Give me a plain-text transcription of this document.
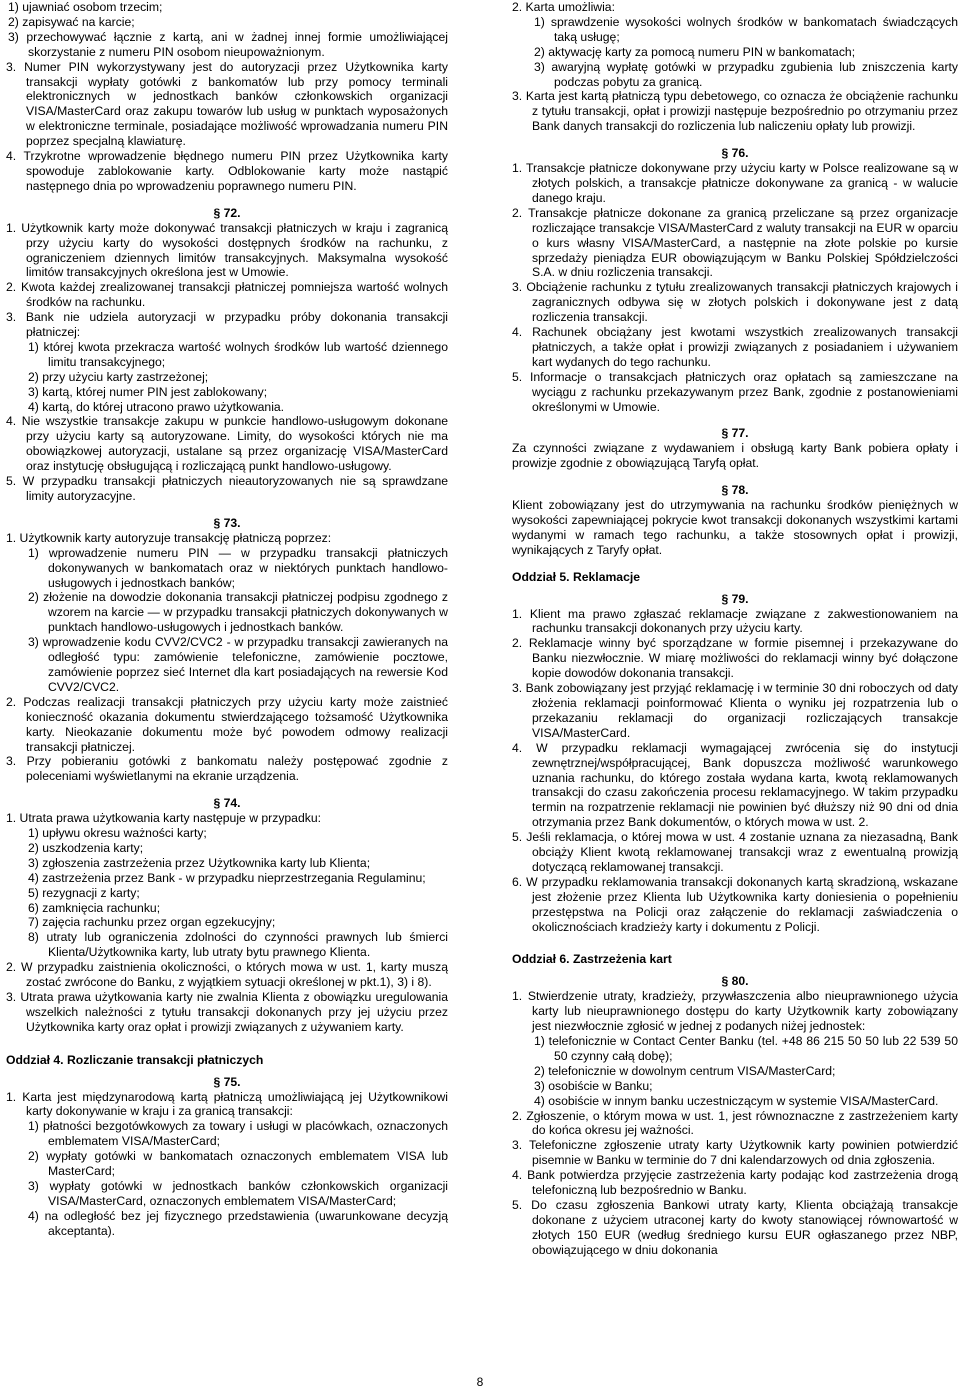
1) ujawniać osobom trzecim;

2) zapisywać na karcie;

3) przechowywać łącznie z kartą, ani w żadnej innej formie umożliwiającej skorzystanie z numeru PIN osobom nieupoważnionym.

3. Numer PIN wykorzystywany jest do autoryzacji przez Użytkownika karty transakcji wypłaty gotówki z bankomatów lub przy pomocy terminali elektronicznych w jednostkach banków członkowskich organizacji VISA/MasterCard oraz zakupu towarów lub usług w punktach wyposażonych w elektroniczne terminale, posiadające możliwość wprowadzania numeru PIN poprzez specjalną klawiaturę.

4. Trzykrotne wprowadzenie błędnego numeru PIN przez Użytkownika karty spowoduje zablokowanie karty. Odblokowanie karty może nastąpić następnego dnia po wprowadzeniu poprawnego numeru PIN.

§ 72.

1. Użytkownik karty może dokonywać transakcji płatniczych w kraju i zagranicą przy użyciu karty do wysokości dostępnych środków na rachunku, z ograniczeniem dziennych limitów transakcyjnych. Maksymalna wysokość limitów transakcyjnych określona jest w Umowie.

2. Kwota każdej zrealizowanej transakcji płatniczej pomniejsza wartość wolnych środków na rachunku.

3. Bank nie udziela autoryzacji w przypadku próby dokonania transakcji płatniczej:

1) której kwota przekracza wartość wolnych środków lub wartość dziennego limitu transakcyjnego;

2) przy użyciu karty zastrzeżonej;

3) kartą, której numer PIN jest zablokowany;

4) kartą, do której utracono prawo użytkowania.

4. Nie wszystkie transakcje zakupu w punkcie handlowo-usługowym dokonane przy użyciu karty są autoryzowane. Limity, do wysokości których nie ma obowiązkowej autoryzacji, ustalane są przez organizację VISA/MasterCard oraz instytucję obsługującą i rozliczającą punkt handlowo-usługowy.

5. W przypadku transakcji płatniczych nieautoryzowanych nie są sprawdzane limity autoryzacyjne.

§ 73.

1. Użytkownik karty autoryzuje transakcję płatniczą poprzez:

1) wprowadzenie numeru PIN — w przypadku transakcji płatniczych dokonywanych w bankomatach oraz w niektórych punktach handlowo-usługowych i jednostkach banków;

2) złożenie na dowodzie dokonania transakcji płatniczej podpisu zgodnego z wzorem na karcie — w przypadku transakcji płatniczych dokonywanych w punktach handlowo-usługowych i jednostkach banków.

3) wprowadzenie kodu CVV2/CVC2 - w przypadku transakcji zawieranych na odległość typu: zamówienie telefoniczne, zamówienie pocztowe, zamówienie poprzez sieć Internet dla kart posiadających na rewersie Kod CVV2/CVC2.

2. Podczas realizacji transakcji płatniczych przy użyciu karty może zaistnieć konieczność okazania dokumentu stwierdzającego tożsamość Użytkownika karty. Nieokazanie dokumentu może być powodem odmowy realizacji transakcji płatniczej.

3. Przy pobieraniu gotówki z bankomatu należy postępować zgodnie z poleceniami wyświetlanymi na ekranie urządzenia.

§ 74.

1. Utrata prawa użytkowania karty następuje w przypadku:

1) upływu okresu ważności karty;

2) uszkodzenia karty;

3) zgłoszenia zastrzeżenia przez Użytkownika karty lub Klienta;

4) zastrzeżenia przez Bank - w przypadku nieprzestrzegania Regulaminu;

5) rezygnacji z karty;

6) zamknięcia rachunku;

7) zajęcia rachunku przez organ egzekucyjny;

8) utraty lub ograniczenia zdolności do czynności prawnych lub śmierci Klienta/Użytkownika karty, lub utraty bytu prawnego Klienta.

2. W przypadku zaistnienia okoliczności, o których mowa w ust. 1, karty muszą zostać zwrócone do Banku, z wyjątkiem sytuacji określonej w pkt.1), 3) i 8).

3. Utrata prawa użytkowania karty nie zwalnia Klienta z obowiązku uregulowania wszelkich należności z tytułu transakcji dokonanych przy jej użyciu przez Użytkownika karty oraz opłat i prowizji związanych z używaniem karty.

Oddział 4. Rozliczanie transakcji płatniczych

§ 75.

1. Karta jest międzynarodową kartą płatniczą umożliwiającą jej Użytkownikowi karty dokonywanie w kraju i za granicą transakcji:

1) płatności bezgotówkowych za towary i usługi w placówkach, oznaczonych emblematem VISA/MasterCard;

2) wypłaty gotówki w bankomatach oznaczonych emblematem VISA lub MasterCard;

3) wypłaty gotówki w jednostkach banków członkowskich organizacji VISA/MasterCard, oznaczonych emblematem VISA/MasterCard;

4) na odległość bez jej fizycznego przedstawienia (uwarunkowane decyzją akceptanta).

2. Karta umożliwia:

1) sprawdzenie wysokości wolnych środków w bankomatach świadczących taką usługę;

2) aktywację karty za pomocą numeru PIN w bankomatach;

3) awaryjną wypłatę gotówki w przypadku zgubienia lub zniszczenia karty podczas pobytu za granicą.

3. Karta jest kartą płatniczą typu debetowego, co oznacza że obciążenie rachunku z tytułu transakcji, opłat i prowizji następuje bezpośrednio po otrzymaniu przez Bank danych transakcji do rozliczenia lub naliczeniu opłaty lub prowizji.

§ 76.

1. Transakcje płatnicze dokonywane przy użyciu karty w Polsce realizowane są w złotych polskich, a transakcje płatnicze dokonywane za granicą - w walucie danego kraju.

2. Transakcje płatnicze dokonane za granicą przeliczane są przez organizacje rozliczające transakcje VISA/MasterCard z waluty transakcji na EUR w oparciu o kurs własny VISA/MasterCard, a następnie na złote polskie po kursie sprzedaży pieniądza EUR obowiązującym w Banku Polskiej Spółdzielczości S.A. w dniu rozliczenia transakcji.

3. Obciążenie rachunku z tytułu zrealizowanych transakcji płatniczych krajowych i zagranicznych odbywa się w złotych polskich i dokonywane jest z datą rozliczenia transakcji.

4. Rachunek obciążany jest kwotami wszystkich zrealizowanych transakcji płatniczych, a także opłat i prowizji związanych z posiadaniem i używaniem kart wydanych do tego rachunku.

5. Informacje o transakcjach płatniczych oraz opłatach są zamieszczane na wyciągu z rachunku przekazywanym przez Bank, zgodnie z postanowieniami określonymi w Umowie.

§ 77.

Za czynności związane z wydawaniem i obsługą karty Bank pobiera opłaty i prowizje zgodnie z obowiązującą Taryfą opłat.

§ 78.

Klient zobowiązany jest do utrzymywania na rachunku środków pieniężnych w wysokości zapewniającej pokrycie kwot transakcji dokonanych wszystkimi kartami wydanymi w ramach tego rachunku, a także stosownych opłat i prowizji, wynikających z Taryfy opłat.

Oddział 5. Reklamacje

§ 79.

1. Klient ma prawo zgłaszać reklamacje związane z zakwestionowaniem na rachunku transakcji dokonanych przy użyciu karty.

2. Reklamacje winny być sporządzane w formie pisemnej i przekazywane do Banku niezwłocznie. W miarę możliwości do reklamacji winny być dołączone kopie dowodów dokonania transakcji.

3. Bank zobowiązany jest przyjąć reklamację i w terminie 30 dni roboczych od daty złożenia reklamacji poinformować Klienta o wyniku jej rozpatrzenia lub o przekazaniu reklamacji do organizacji rozliczających transakcje VISA/MasterCard.

4. W przypadku reklamacji wymagającej zwrócenia się do instytucji zewnętrznej/współpracującej, Bank dopuszcza możliwość warunkowego uznania rachunku, do którego została wydana karta, kwotą reklamowanych transakcji do czasu zakończenia procesu reklamacyjnego. W takim przypadku termin na rozpatrzenie reklamacji nie powinien być dłuższy niż 90 dni od dnia otrzymania przez Bank dokumentów, o których mowa w ust. 2.

5. Jeśli reklamacja, o której mowa w ust. 4 zostanie uznana za niezasadną, Bank obciąży Klient kwotą reklamowanej transakcji wraz z ewentualną prowizją dotyczącą reklamowanej transakcji.

6. W przypadku reklamowania transakcji dokonanych kartą skradzioną, wskazane jest złożenie przez Klienta lub Użytkownika karty doniesienia o popełnieniu przestępstwa na Policji oraz załączenie do reklamacji zaświadczenia o okolicznościach kradzieży karty i dokumentu z Policji.

Oddział 6. Zastrzeżenia kart

§ 80.

1. Stwierdzenie utraty, kradzieży, przywłaszczenia albo nieuprawnionego użycia karty lub nieuprawnionego dostępu do karty Użytkownik karty zobowiązany jest niezwłocznie zgłosić w jednej z podanych niżej jednostek:

1) telefonicznie w Contact Center Banku (tel. +48 86 215 50 50 lub 22 539 50 50 czynny całą dobę);

2) telefonicznie w dowolnym centrum VISA/MasterCard;

3) osobiście w Banku;

4) osobiście w innym banku uczestniczącym w systemie VISA/MasterCard.

2. Zgłoszenie, o którym mowa w ust. 1, jest równoznaczne z zastrzeżeniem karty do końca okresu jej ważności.

3. Telefoniczne zgłoszenie utraty karty Użytkownik karty powinien potwierdzić pisemnie w Banku w terminie do 7 dni kalendarzowych od dnia zgłoszenia.

4. Bank potwierdza przyjęcie zastrzeżenia karty podając kod zastrzeżenia drogą telefoniczną lub bezpośrednio w Banku.

5. Do czasu zgłoszenia Bankowi utraty karty, Klienta obciążają transakcje dokonane z użyciem utraconej karty do kwoty stanowiącej równowartość w złotych 150 EUR (według średniego kursu EUR ogłaszanego przez NBP, obowiązującego w dniu dokonania

8
